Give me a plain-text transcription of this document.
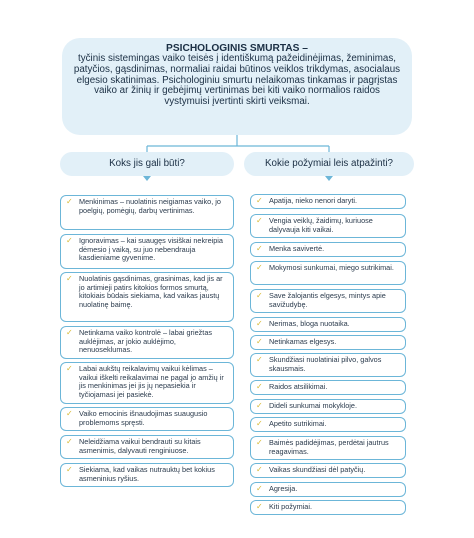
PSICHOLOGINIS SMURTAS –
tyčinis sistemingas vaiko teisės į identiškumą pažeidinėjimas, žeminimas, patyčios, gąsdinimas, normaliai raidai būtinos veiklos trikdymas, asocialaus elgesio skatinimas. Psichologiniu smurtu nelaikomas tinkamas ir pagrįstas vaiko ar žinių ir gebėjimų vertinimas bei kiti vaiko normalios raidos vystymuisi įvertinti skirti veiksmai.
Koks jis gali būti?	Kokie požymiai leis atpažinti?
✓ Menkinimas – nuolatinis neigiamas vaiko, jo poelgių, pomėgių, darbų vertinimas.
✓ Ignoravimas – kai suaugęs visiškai nekreipia dėmesio į vaiką, su juo nebendrauja kasdieniame gyvenime.
✓ Nuolatinis gąsdinimas, grasinimas, kad jis ar jo artimieji patirs kitokios formos smurtą, kitokiais būdais siekiama, kad vaikas jaustų nuolatinę baimę.
✓ Netinkama vaiko kontrolė – labai griežtas auklėjimas, ar jokio auklėjimo, nenuoseklumas.
✓ Labai aukštų reikalavimų vaikui kėlimas – vaikui iškelti reikalavimai ne pagal jo amžių ir jis menkinimas jei jis jų nepasiekia ir tyčiojamasi jei pasiekė.
✓ Vaiko emocinis išnaudojimas suaugusio problemoms spręsti.
✓ Neleidžiama vaikui bendrauti su kitais asmenimis, dalyvauti renginiuose.
✓ Siekiama, kad vaikas nutrauktų bet kokius asmeninius ryšius.
✓ Apatija, nieko nenori daryti.
✓ Vengia veiklų, žaidimų, kuriuose dalyvauja kiti vaikai.
✓ Menka savivertė.
✓ Mokymosi sunkumai, miego sutrikimai.
✓ Save žalojantis elgesys, mintys apie savižudybę.
✓ Nerimas, bloga nuotaika.
✓ Netinkamas elgesys.
✓ Skundžiasi nuolatiniai pilvo, galvos skausmais.
✓ Raidos atsilikimai.
✓ Dideli sunkumai mokykloje.
✓ Apetito sutrikimai.
✓ Baimės padidėjimas, perdėtai jautrus reagavimas.
✓ Vaikas skundžiasi dėl patyčių.
✓ Agresija.
✓ Kiti požymiai.
